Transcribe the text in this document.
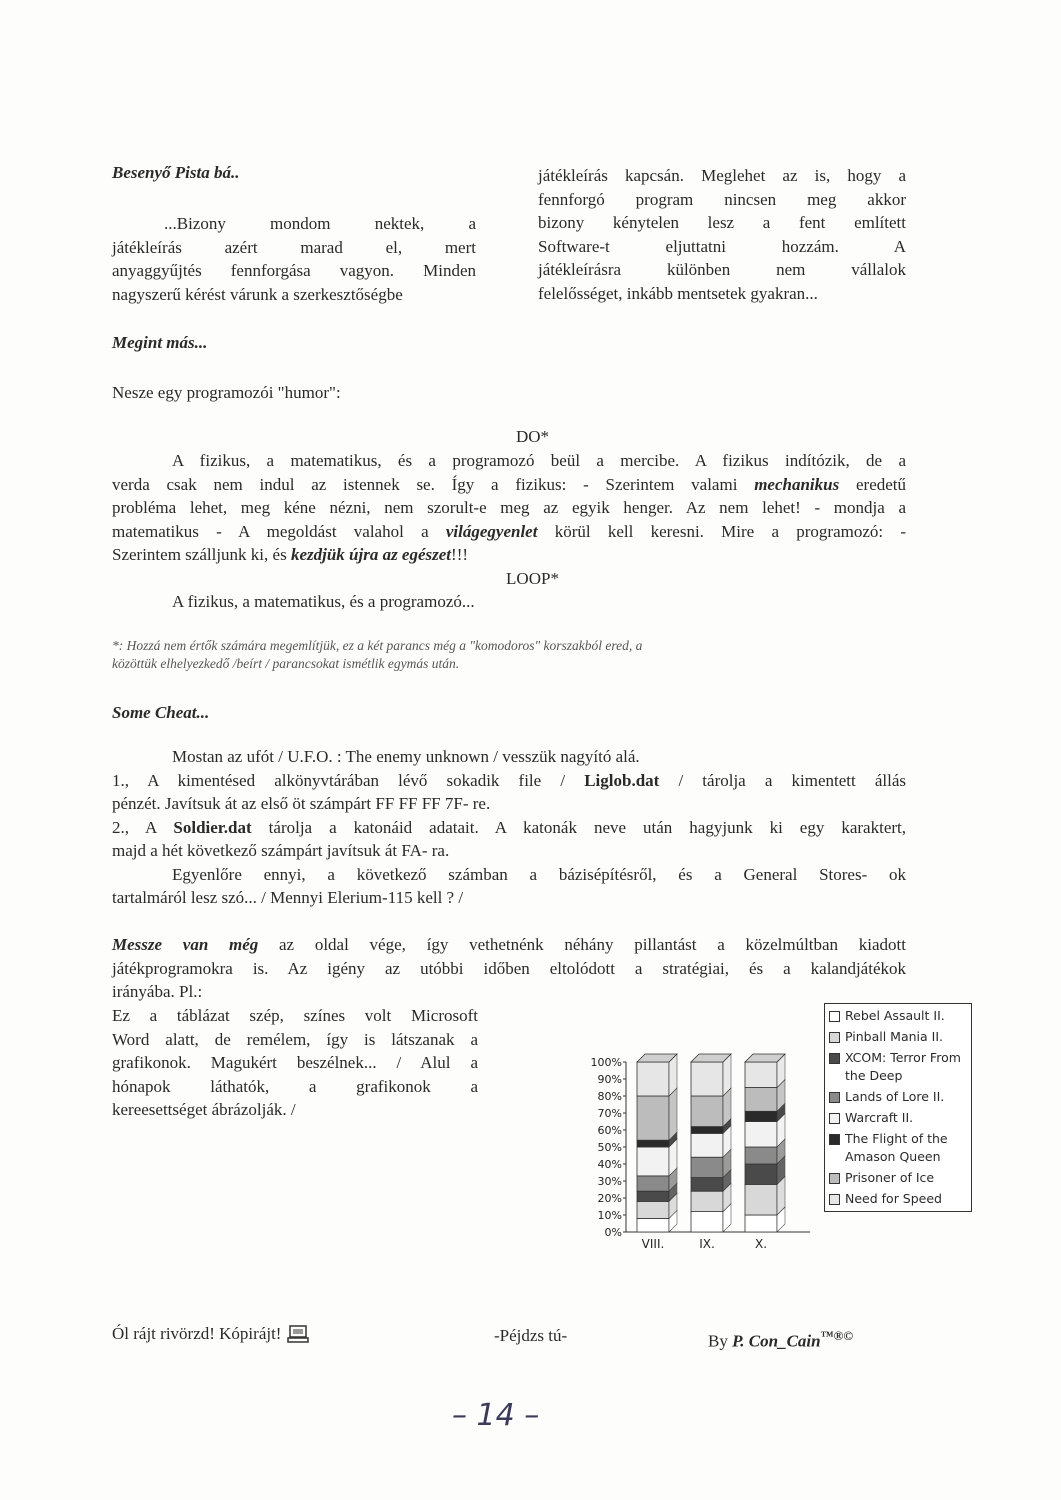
Besenyő Pista bá..

...Bizony mondom nektek, a

játékleírás azért marad el, mert

anyaggyűjtés fennforgása vagyon. Minden

nagyszerű kérést várunk a szerkesztőségbe

játékleírás kapcsán. Meglehet az is, hogy a

fennforgó program nincsen meg akkor

bizony kénytelen lesz a fent említett

Software-t eljuttatni hozzám. A

játékleírásra különben nem vállalok

felelősséget, inkább mentsetek gyakran...

Megint más...
Nesze egy programozói "humor":
DO*

A fizikus, a matematikus, és a programozó beül a mercibe. A fizikus indítózik, de a

verda csak nem indul az istennek se. Így a fizikus: - Szerintem valami mechanikus eredetű

probléma lehet, meg kéne nézni, nem szorult-e meg az egyik henger. Az nem lehet! - mondja a

matematikus - A megoldást valahol a világegyenlet körül kell keresni. Mire a programozó: -

Szerintem szálljunk ki, és kezdjük újra az egészet!!!

LOOP*
A fizikus, a matematikus, és a programozó...
*: Hozzá nem értők számára megemlítjük, ez a két parancs még a "komodoros" korszakból ered, a
közöttük elhelyezkedő /beírt / parancsokat ismétlik egymás után.
Some Cheat...

Mostan az ufót / U.F.O. : The enemy unknown / vesszük nagyító alá.

1., A kimentésed alkönyvtárában lévő sokadik file / Liglob.dat / tárolja a kimentett állás

pénzét. Javítsuk át az első öt számpárt FF FF FF 7F- re.

2., A Soldier.dat tárolja a katonáid adatait. A katonák neve után hagyjunk ki egy karaktert,

majd a hét következő számpárt javítsuk át FA- ra.

Egyenlőre ennyi, a következő számban a bázisépítésről, és a General Stores- ok

tartalmáról lesz szó... / Mennyi Elerium-115 kell ? /

Messze van még az oldal vége, így vethetnénk néhány pillantást a közelmúltban kiadott

játékprogramokra is. Az igény az utóbbi időben eltolódott a stratégiai, és a kalandjátékok

irányába. Pl.:

Ez a táblázat szép, színes volt Microsoft

Word alatt, de remélem, így is látszanak a

grafikonok. Magukért beszélnek... / Alul a

hónapok láthatók, a grafikonok a

kereesettséget ábrázolják. /

100%
90%
80%
70%
60%
50%
40%
30%
20%
10%
0%
VIII.	IX.	X.
Rebel Assault II.
Pinball Mania II.
XCOM: Terror From the Deep
Lands of Lore II.
Warcraft II.
The Flight of the Amason Queen
Prisoner of Ice
Need for Speed
Ól rájt rivörzd! Kópirájt!	-Péjdzs tú-	By P. Con_Cain™®©
– 14 –
